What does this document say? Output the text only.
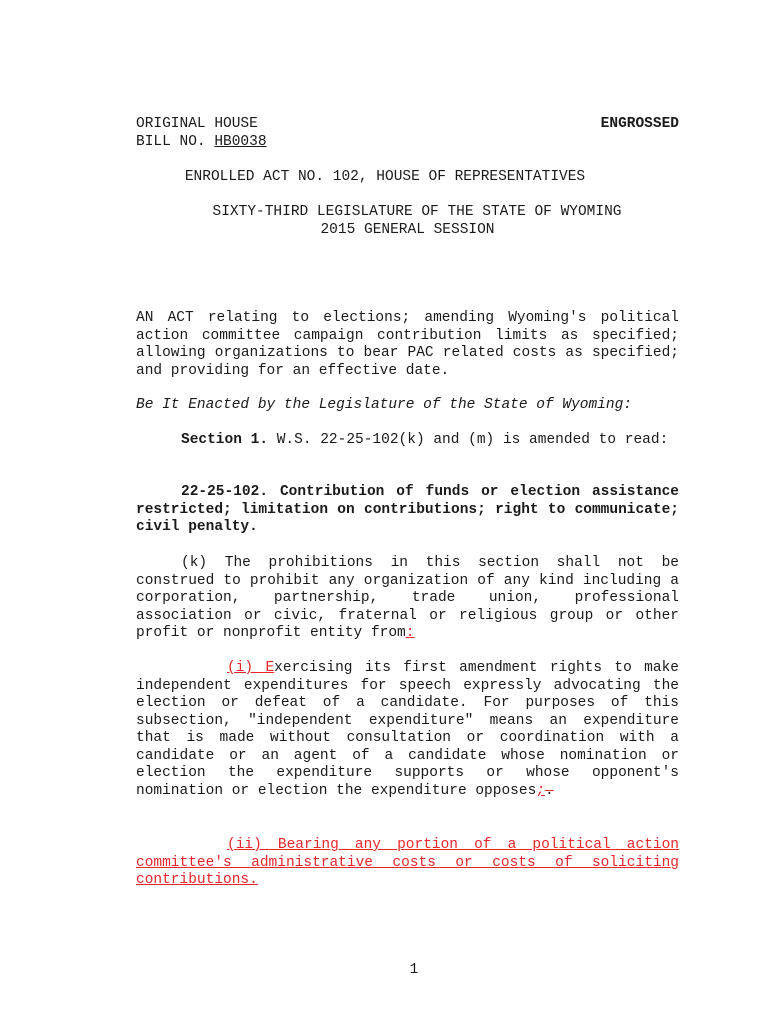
ORIGINAL HOUSE	ENGROSSED
BILL NO. HB0038
ENROLLED ACT NO. 102, HOUSE OF REPRESENTATIVES
SIXTY-THIRD LEGISLATURE OF THE STATE OF WYOMING
2015 GENERAL SESSION
AN ACT relating to elections; amending Wyoming's political action committee campaign contribution limits as specified; allowing organizations to bear PAC related costs as specified; and providing for an effective date.
Be It Enacted by the Legislature of the State of Wyoming:
Section 1. W.S. 22-25-102(k) and (m) is amended to read:
22-25-102. Contribution of funds or election assistance restricted; limitation on contributions; right to communicate; civil penalty.
(k) The prohibitions in this section shall not be construed to prohibit any organization of any kind including a corporation, partnership, trade union, professional association or civic, fraternal or religious group or other profit or nonprofit entity from:
(i) Exercising its first amendment rights to make independent expenditures for speech expressly advocating the election or defeat of a candidate. For purposes of this subsection, "independent expenditure" means an expenditure that is made without consultation or coordination with a candidate or an agent of a candidate whose nomination or election the expenditure supports or whose opponent's nomination or election the expenditure opposes;.
(ii) Bearing any portion of a political action committee's administrative costs or costs of soliciting contributions.
1
